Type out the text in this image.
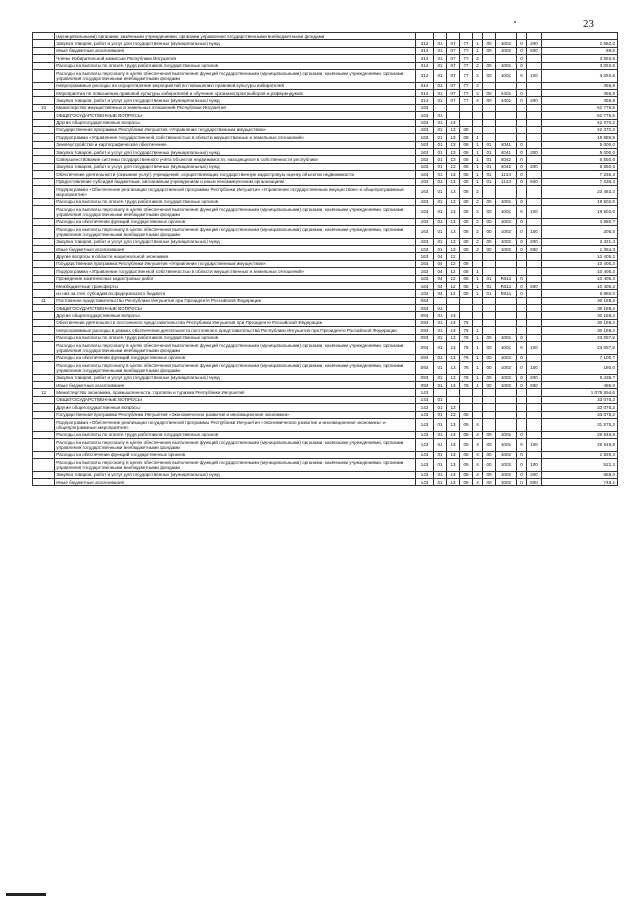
23
	(муниципальными) органами, казёнными учреждениями, органами управления государственными внебюджетными фондами										
	Закупка товаров, работ и услуг для государственных (муниципальных) нужд	314	01	07	77	1	00	1002	0	200	2 682,0
	Иные бюджетные ассигнования	314	01	07	77	1	00	1002	0	800	69,5
	Члены Избирательной комиссии Республики Ингушетия	314	01	07	77	2			0		3 063,5
	Расходы на выплаты по оплате труда работников государственных органов	314	01	07	77	2	00	1001	0		3 063,5
	Расходы на выплаты персоналу в целях обеспечения выполнения функций государственными (муниципальными) органами, казёнными учреждениями, органами управления государственными внебюджетными фондами	314	01	07	77	2	00	1001	0	100	3 063,5
	Непрограммные расходы на осуществление мероприятий по повышению правовой культуры избирателей	314	01	07	77	4					358,8
	Мероприятия по повышению правовой культуры избирателей и обучение организаторов выборов и референдумов	314	01	07	77	4	00	4401	0		358,8
	Закупка товаров, работ и услуг для государственных (муниципальных) нужд	314	01	07	77	4	00	4401	0	200	358,8
10	Министерство имущественных и земельных отношений Республики Ингушетия	163									52 775,5
	ОБЩЕГОСУДАРСТВЕННЫЕ ВОПРОСЫ	163	01								52 775,5
	Другие общегосударственные вопросы	163	01	13							42 370,2
	Государственная программа Республики Ингушетия «Управление государственным имуществом»	163	01	13	08						42 370,2
	Подпрограмма «Управление государственной собственностью в области имущественных и земельных отношений»	163	01	13	08	1					18 886,9
	Землеустройство и картографическое обеспечение	163	01	13	08	1	01	4041	0		5 000,0
	Закупка товаров, работ и услуг для государственных (муниципальных) нужд	163	01	13	08	1	01	4041	0	200	5 000,0
	Совершенствование системы государственного учёта объектов недвижимости, находящихся в собственности республики	163	01	13	08	1	01	4042	0		6 550,6
	Закупка товаров, работ и услуг для государственных (муниципальных) нужд	163	01	13	08	1	01	4042	0	200	6 550,6
	Обеспечение деятельности (оказание услуг) учреждений, осуществляющих государственную кадастровую оценку объектов недвижимости	163	01	13	08	1	01	1124	0		7 336,3
	Предоставление субсидий бюджетным, автономным учреждениям и иным некоммерческим организациям	163	01	13	08	1	01	1124	0	600	7 336,3
	Подпрограмма «Обеспечение реализации государственной программы Республики Ингушетия «Управление государственным имуществом» и общепрограммные мероприятия»	163	01	13	08	2					23 483,3
	Расходы на выплаты по оплате труда работников государственных органов	163	01	13	08	2	00	1001	0		19 502,6
	Расходы на выплаты персоналу в целях обеспечения выполнения функций государственными (муниципальными) органами, казёнными учреждениями, органами управления государственными внебюджетными фондами	163	01	13	08	2	00	1001	0	100	19 502,6
	Расходы на обеспечение функций государственных органов	163	01	13	08	2	00	1002	0		3 980,7
	Расходы на выплаты персоналу в целях обеспечения выполнения функций государственными (муниципальными) органами, казёнными учреждениями, органами управления государственными внебюджетными фондами	163	01	13	08	2	00	1002	0	100	205,0
	Закупка товаров, работ и услуг для государственных (муниципальных) нужд	163	01	13	08	2	00	1002	0	200	2 421,4
	Иные бюджетные ассигнования	163	01	13	08	2	00	1002	0	800	1 354,3
	Другие вопросы в области национальной экономики	163	04	12							10 405,3
	Государственная программа Республики Ингушетия «Управление государственным имуществом»	163	04	12	08						10 405,3
	Подпрограмма «Управление государственной собственностью в области имущественных и земельных отношений»	163	04	12	08	1					10 405,3
	Проведение комплексных кадастровых работ	163	04	12	08	1	01	R511	0		10 405,3
	Межбюджетные трансферты	163	04	12	08	1	01	R511	0	500	10 405,3
	из них за счет субсидии из федерального бюджета	163	04	12	08	1	01	R511	0		9 885,0
11	Постоянное представительство Республики Ингушетия при Президенте Российской Федерации	093									30 158,2
	ОБЩЕГОСУДАРСТВЕННЫЕ ВОПРОСЫ	093	01								30 158,2
	Другие общегосударственные вопросы	093	01	13							30 158,2
	Обеспечение деятельности постоянного представительства Республики Ингушетия при Президенте Российской Федерации	093	01	13	78						30 158,2
	Непрограммные расходы в рамках обеспечения деятельности постоянного представительства Республики Ингушетия при Президенте Российской Федерации	093	01	13	78	1					30 158,2
	Расходы на выплаты по оплате труда работников государственных органов	093	01	13	78	1	00	1001	0		23 057,5
	Расходы на выплаты персоналу в целях обеспечения выполнения функций государственными (муниципальными) органами, казёнными учреждениями, органами управления государственными внебюджетными фондами	093	01	13	78	1	00	1001	0	100	23 057,5
	Расходы на обеспечение функций государственных органов	093	01	13	78	1	00	1002	0		7 100,7
	Расходы на выплаты персоналу в целях обеспечения выполнения функций государственными (муниципальными) органами, казёнными учреждениями, органами управления государственными внебюджетными фондами	093	01	13	78	1	00	1002	0	100	180,0
	Закупка товаров, работ и услуг для государственных (муниципальных) нужд	093	01	13	78	1	00	1002	0	200	6 435,7
	Иные бюджетные ассигнования	093	01	13	78	1	00	1002	0	800	485,0
12	Министерство экономики, промышленности, торговли и туризма Республики Ингушетия	143									1 076 594,6
	ОБЩЕГОСУДАРСТВЕННЫЕ ВОПРОСЫ	143	01								33 075,2
	Другие общегосударственные вопросы	143	01	13							33 075,2
	Государственная программа Республики Ингушетия «Экономическое развитие и инновационная экономика»	143	01	13	09						33 075,2
	Подпрограмма «Обеспечение реализации государственной программы Республики Ингушетия «Экономическое развитие и инновационная экономика» и общепрограммные мероприятия»	143	01	13	09	4					31 575,2
	Расходы на выплаты по оплате труда работников государственных органов	143	01	13	09	4	00	1001	0		29 645,9
	Расходы на выплаты персоналу в целях обеспечения выполнения функций государственными (муниципальными) органами, казёнными учреждениями, органами управления государственными внебюджетными фондами	143	01	13	09	4	00	1001	0	100	29 645,9
	Расходы на обеспечение функций государственных органов	143	01	13	09	4	00	1002	0		1 929,3
	Расходы на выплаты персоналу в целях обеспечения выполнения функций государственными (муниципальными) органами, казёнными учреждениями, органами управления государственными внебюджетными фондами	143	01	13	09	4	00	1002	0	100	522,2
	Закупка товаров, работ и услуг для государственных (муниципальных) нужд	143	01	13	09	4	00	1002	0	200	658,0
	Иные бюджетные ассигнования	143	01	13	09	4	00	1002	0	800	749,1
